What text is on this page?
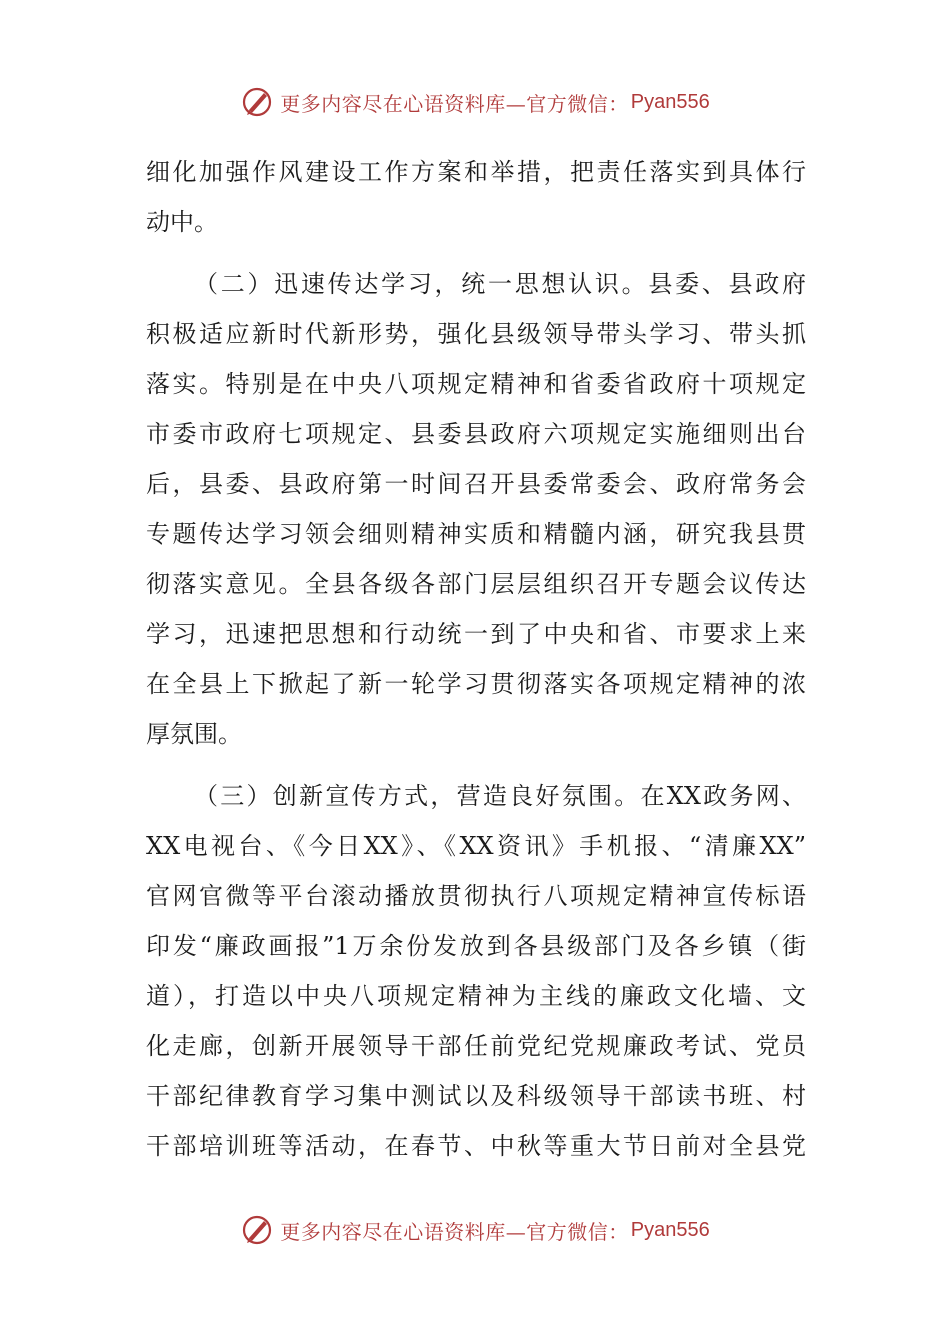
更多内容尽在心语资料库—官方微信： Pyan556
细化加强作风建设工作方案和举措，把责任落实到具体行
动中。
（二）迅速传达学习，统一思想认识。县委、县政府
积极适应新时代新形势，强化县级领导带头学习、带头抓
落实。特别是在中央八项规定精神和省委省政府十项规定
市委市政府七项规定、县委县政府六项规定实施细则出台
后，县委、县政府第一时间召开县委常委会、政府常务会
专题传达学习领会细则精神实质和精髓内涵，研究我县贯
彻落实意见。全县各级各部门层层组织召开专题会议传达
学习，迅速把思想和行动统一到了中央和省、市要求上来
在全县上下掀起了新一轮学习贯彻落实各项规定精神的浓
厚氛围。
（三）创新宣传方式，营造良好氛围。在XX政务网、
XX电视台、《今日XX》、《XX资讯》手机报、“清廉XX”
官网官微等平台滚动播放贯彻执行八项规定精神宣传标语
印发“廉政画报”1万余份发放到各县级部门及各乡镇（街
道），打造以中央八项规定精神为主线的廉政文化墙、文
化走廊，创新开展领导干部任前党纪党规廉政考试、党员
干部纪律教育学习集中测试以及科级领导干部读书班、村
干部培训班等活动，在春节、中秋等重大节日前对全县党
更多内容尽在心语资料库—官方微信： Pyan556
